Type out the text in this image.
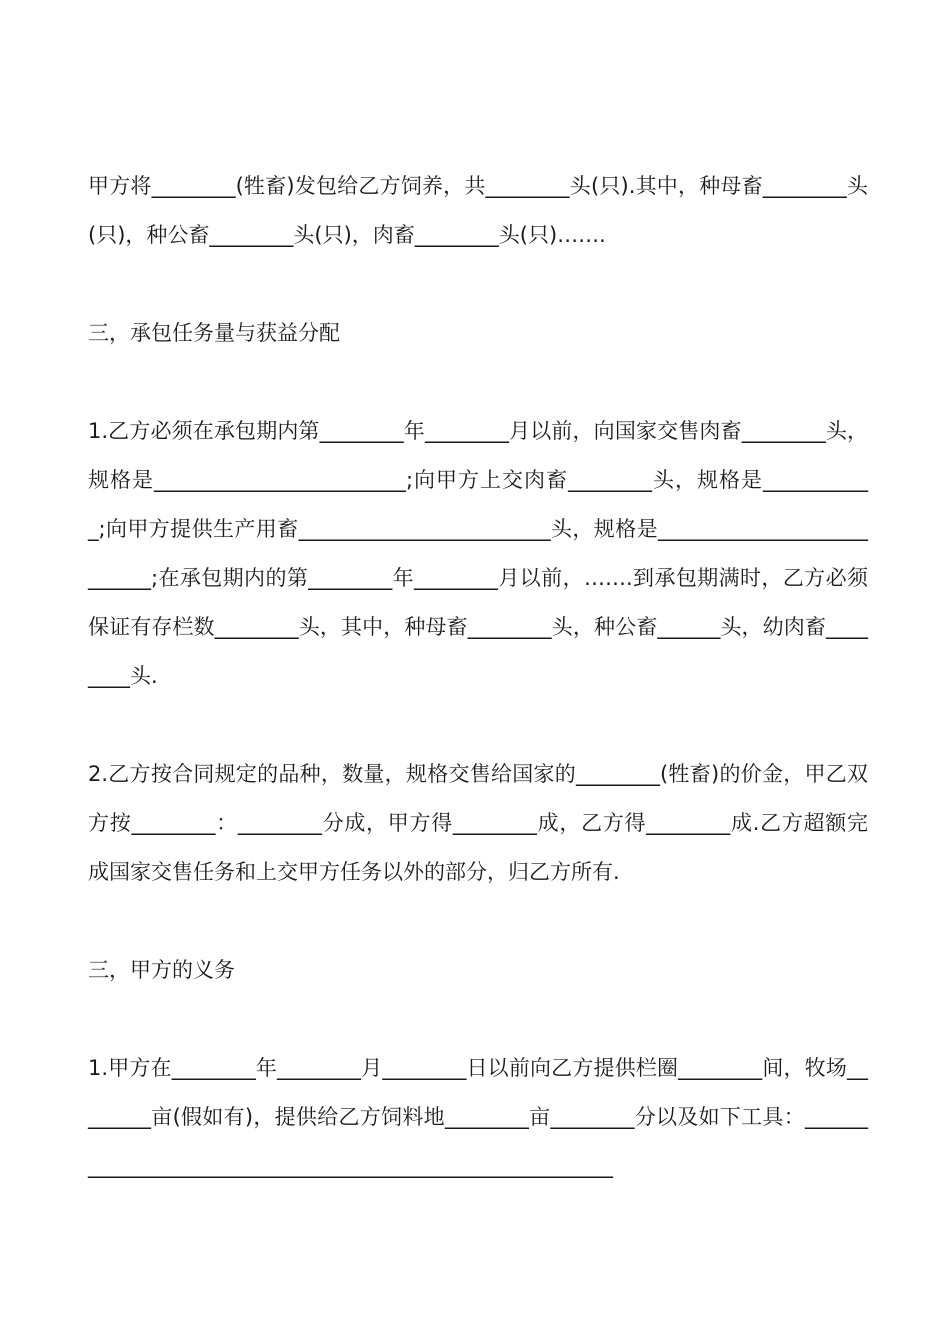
甲方将________(牲畜)发包给乙方饲养，共________头(只).其中，种母畜________头(只)，种公畜________头(只)，肉畜________头(只)…….

三，承包任务量与获益分配

1.乙方必须在承包期内第________年________月以前，向国家交售肉畜________头，规格是________________________;向甲方上交肉畜________头，规格是___________;向甲方提供生产用畜________________________头，规格是__________________________;在承包期内的第________年________月以前，…….到承包期满时，乙方必须保证有存栏数________头，其中，种母畜________头，种公畜______头，幼肉畜________头.

2.乙方按合同规定的品种，数量，规格交售给国家的________(牲畜)的价金，甲乙双方按________：________分成，甲方得________成，乙方得________成.乙方超额完成国家交售任务和上交甲方任务以外的部分，归乙方所有.

三，甲方的义务

1.甲方在________年________月________日以前向乙方提供栏圈________间，牧场________亩(假如有)，提供给乙方饲料地________亩________分以及如下工具：________________________________________________________
